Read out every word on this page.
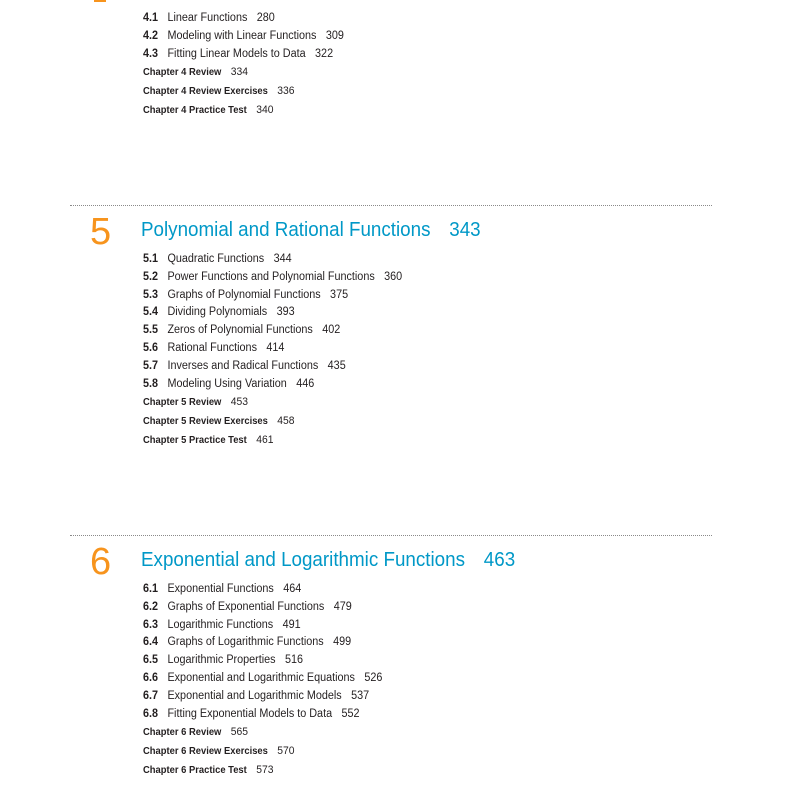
4.1 Linear Functions 280
4.2 Modeling with Linear Functions 309
4.3 Fitting Linear Models to Data 322
Chapter 4 Review 334
Chapter 4 Review Exercises 336
Chapter 4 Practice Test 340
5 Polynomial and Rational Functions 343
5.1 Quadratic Functions 344
5.2 Power Functions and Polynomial Functions 360
5.3 Graphs of Polynomial Functions 375
5.4 Dividing Polynomials 393
5.5 Zeros of Polynomial Functions 402
5.6 Rational Functions 414
5.7 Inverses and Radical Functions 435
5.8 Modeling Using Variation 446
Chapter 5 Review 453
Chapter 5 Review Exercises 458
Chapter 5 Practice Test 461
6 Exponential and Logarithmic Functions 463
6.1 Exponential Functions 464
6.2 Graphs of Exponential Functions 479
6.3 Logarithmic Functions 491
6.4 Graphs of Logarithmic Functions 499
6.5 Logarithmic Properties 516
6.6 Exponential and Logarithmic Equations 526
6.7 Exponential and Logarithmic Models 537
6.8 Fitting Exponential Models to Data 552
Chapter 6 Review 565
Chapter 6 Review Exercises 570
Chapter 6 Practice Test 573
